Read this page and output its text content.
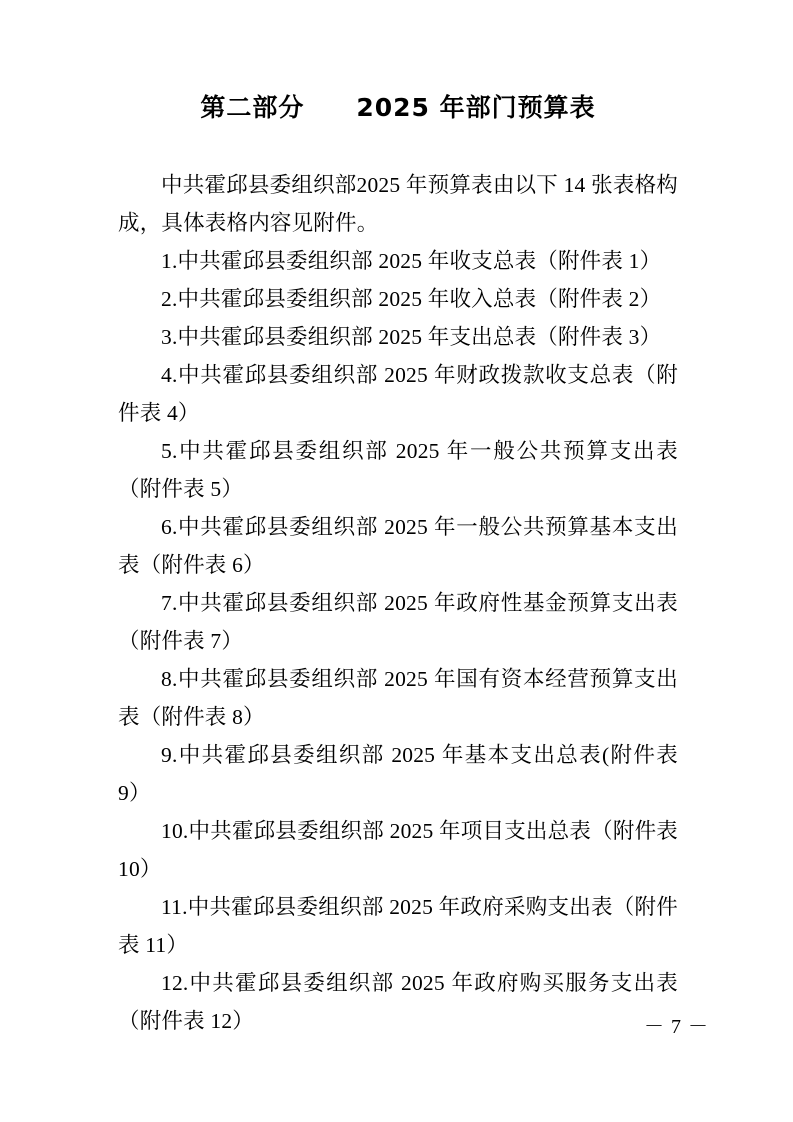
第二部分　　2025 年部门预算表

中共霍邱县委组织部2025 年预算表由以下 14 张表格构成，具体表格内容见附件。

1.中共霍邱县委组织部 2025 年收支总表（附件表 1）

2.中共霍邱县委组织部 2025 年收入总表（附件表 2）

3.中共霍邱县委组织部 2025 年支出总表（附件表 3）

4.中共霍邱县委组织部 2025 年财政拨款收支总表（附件表 4）

5.中共霍邱县委组织部 2025 年一般公共预算支出表（附件表 5）

6.中共霍邱县委组织部 2025 年一般公共预算基本支出表（附件表 6）

7.中共霍邱县委组织部 2025 年政府性基金预算支出表（附件表 7）

8.中共霍邱县委组织部 2025 年国有资本经营预算支出表（附件表 8）

9.中共霍邱县委组织部 2025 年基本支出总表(附件表 9）

10.中共霍邱县委组织部 2025 年项目支出总表（附件表 10）

11.中共霍邱县委组织部 2025 年政府采购支出表（附件表 11）

12.中共霍邱县委组织部 2025 年政府购买服务支出表（附件表 12）	－ 7 －
